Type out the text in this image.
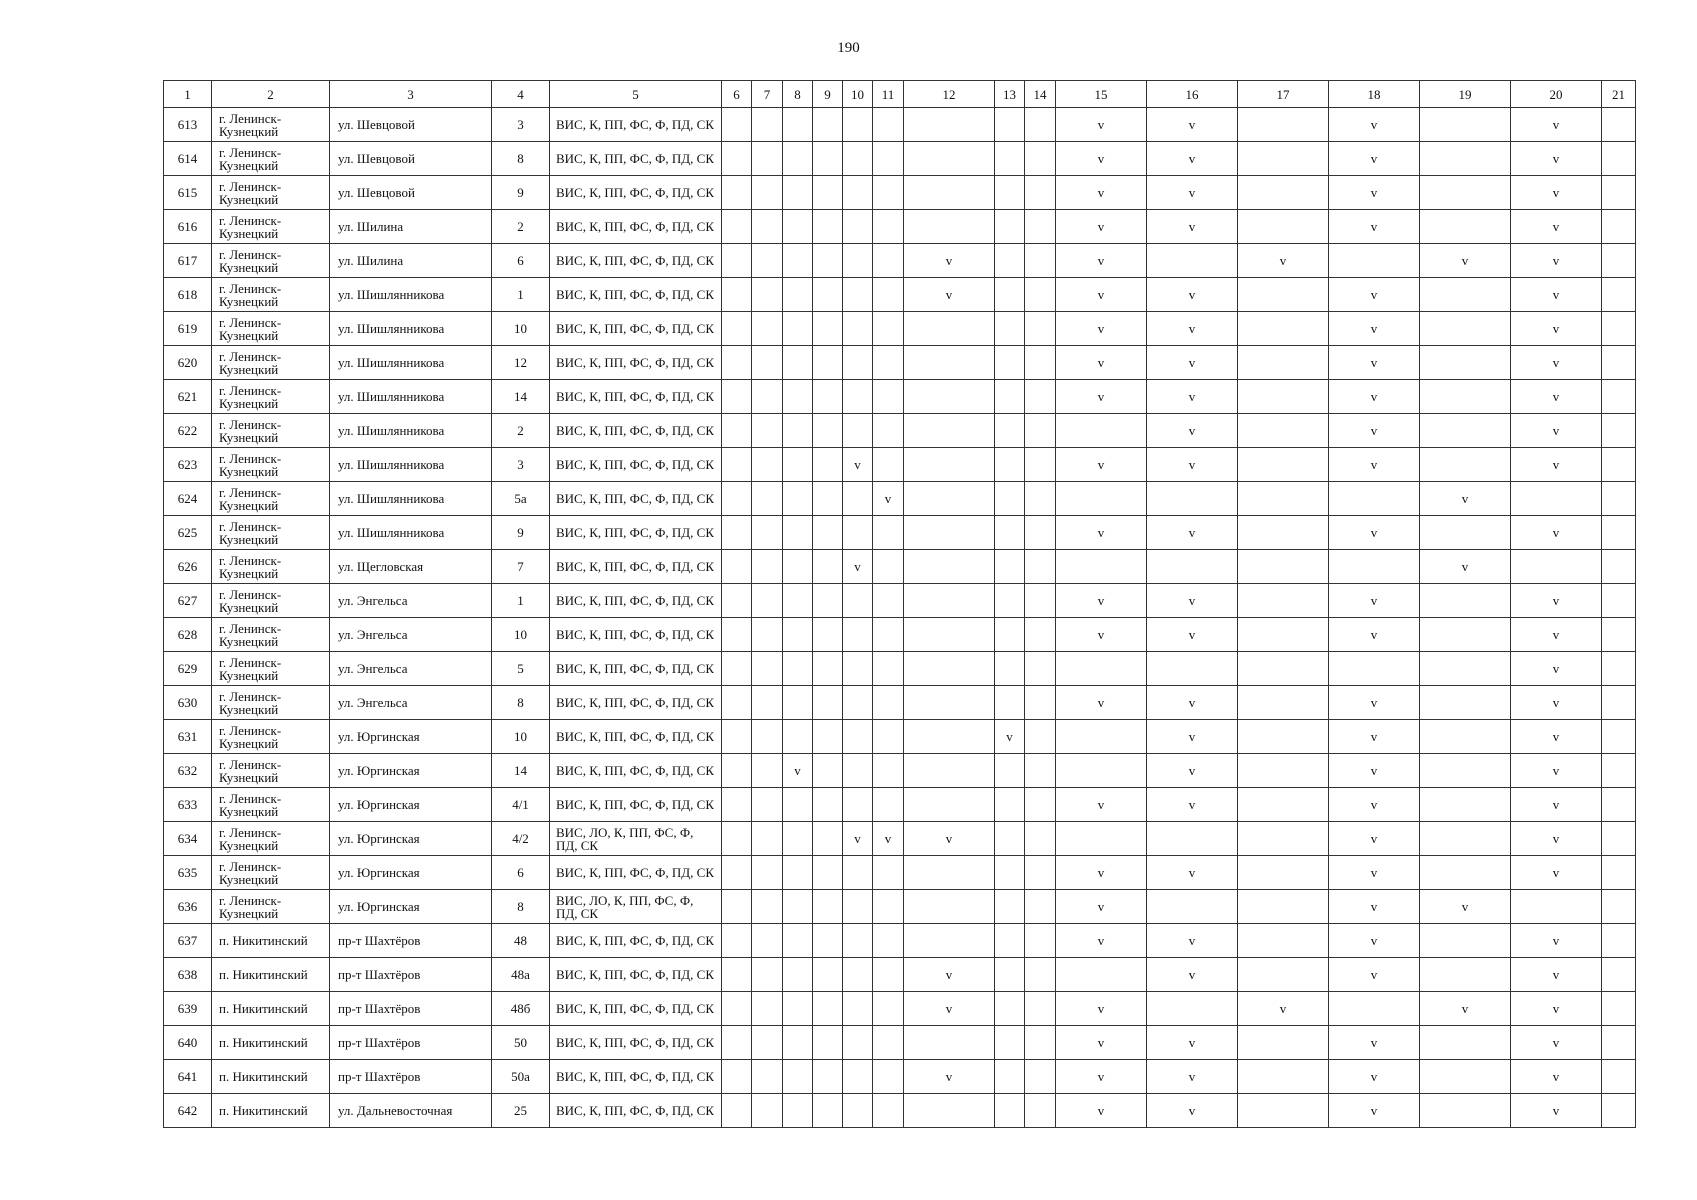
190
1	2	3	4	5	6	7	8	9	10	11	12	13	14	15	16	17	18	19	20	21
613	г. Ленинск-Кузнецкий	ул. Шевцовой	3	ВИС, К, ПП, ФС, Ф, ПД, СК										v	v		v		v	
614	г. Ленинск-Кузнецкий	ул. Шевцовой	8	ВИС, К, ПП, ФС, Ф, ПД, СК										v	v		v		v	
615	г. Ленинск-Кузнецкий	ул. Шевцовой	9	ВИС, К, ПП, ФС, Ф, ПД, СК										v	v		v		v	
616	г. Ленинск-Кузнецкий	ул. Шилина	2	ВИС, К, ПП, ФС, Ф, ПД, СК										v	v		v		v	
617	г. Ленинск-Кузнецкий	ул. Шилина	6	ВИС, К, ПП, ФС, Ф, ПД, СК							v			v		v		v	v	
618	г. Ленинск-Кузнецкий	ул. Шишлянникова	1	ВИС, К, ПП, ФС, Ф, ПД, СК							v			v	v		v		v	
619	г. Ленинск-Кузнецкий	ул. Шишлянникова	10	ВИС, К, ПП, ФС, Ф, ПД, СК										v	v		v		v	
620	г. Ленинск-Кузнецкий	ул. Шишлянникова	12	ВИС, К, ПП, ФС, Ф, ПД, СК										v	v		v		v	
621	г. Ленинск-Кузнецкий	ул. Шишлянникова	14	ВИС, К, ПП, ФС, Ф, ПД, СК										v	v		v		v	
622	г. Ленинск-Кузнецкий	ул. Шишлянникова	2	ВИС, К, ПП, ФС, Ф, ПД, СК											v		v		v	
623	г. Ленинск-Кузнецкий	ул. Шишлянникова	3	ВИС, К, ПП, ФС, Ф, ПД, СК					v					v	v		v		v	
624	г. Ленинск-Кузнецкий	ул. Шишлянникова	5а	ВИС, К, ПП, ФС, Ф, ПД, СК						v								v		
625	г. Ленинск-Кузнецкий	ул. Шишлянникова	9	ВИС, К, ПП, ФС, Ф, ПД, СК										v	v		v		v	
626	г. Ленинск-Кузнецкий	ул. Щегловская	7	ВИС, К, ПП, ФС, Ф, ПД, СК					v									v		
627	г. Ленинск-Кузнецкий	ул. Энгельса	1	ВИС, К, ПП, ФС, Ф, ПД, СК										v	v		v		v	
628	г. Ленинск-Кузнецкий	ул. Энгельса	10	ВИС, К, ПП, ФС, Ф, ПД, СК										v	v		v		v	
629	г. Ленинск-Кузнецкий	ул. Энгельса	5	ВИС, К, ПП, ФС, Ф, ПД, СК															v	
630	г. Ленинск-Кузнецкий	ул. Энгельса	8	ВИС, К, ПП, ФС, Ф, ПД, СК										v	v		v		v	
631	г. Ленинск-Кузнецкий	ул. Юргинская	10	ВИС, К, ПП, ФС, Ф, ПД, СК								v			v		v		v	
632	г. Ленинск-Кузнецкий	ул. Юргинская	14	ВИС, К, ПП, ФС, Ф, ПД, СК			v								v		v		v	
633	г. Ленинск-Кузнецкий	ул. Юргинская	4/1	ВИС, К, ПП, ФС, Ф, ПД, СК										v	v		v		v	
634	г. Ленинск-Кузнецкий	ул. Юргинская	4/2	ВИС, ЛО, К, ПП, ФС, Ф, ПД, СК					v	v	v						v		v	
635	г. Ленинск-Кузнецкий	ул. Юргинская	6	ВИС, К, ПП, ФС, Ф, ПД, СК										v	v		v		v	
636	г. Ленинск-Кузнецкий	ул. Юргинская	8	ВИС, ЛО, К, ПП, ФС, Ф, ПД, СК										v			v	v		
637	п. Никитинский	пр-т Шахтёров	48	ВИС, К, ПП, ФС, Ф, ПД, СК										v	v		v		v	
638	п. Никитинский	пр-т Шахтёров	48а	ВИС, К, ПП, ФС, Ф, ПД, СК							v				v		v		v	
639	п. Никитинский	пр-т Шахтёров	48б	ВИС, К, ПП, ФС, Ф, ПД, СК							v			v		v		v	v	
640	п. Никитинский	пр-т Шахтёров	50	ВИС, К, ПП, ФС, Ф, ПД, СК										v	v		v		v	
641	п. Никитинский	пр-т Шахтёров	50а	ВИС, К, ПП, ФС, Ф, ПД, СК							v			v	v		v		v	
642	п. Никитинский	ул. Дальневосточная	25	ВИС, К, ПП, ФС, Ф, ПД, СК										v	v		v		v	
